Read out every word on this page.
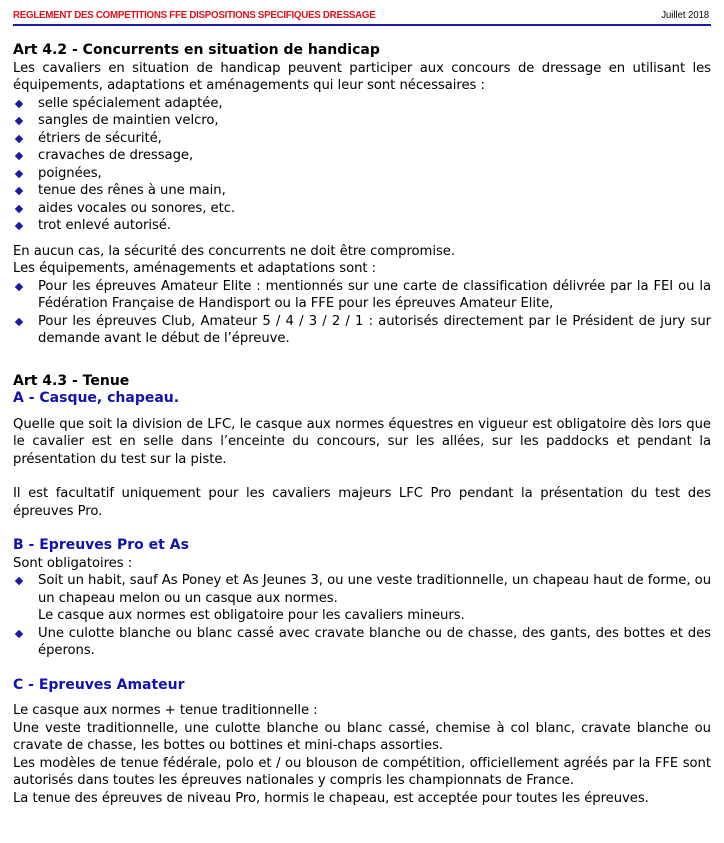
REGLEMENT DES COMPETITIONS FFE DISPOSITIONS SPECIFIQUES DRESSAGE	Juillet 2018
Art 4.2 - Concurrents en situation de handicap
Les cavaliers en situation de handicap peuvent participer aux concours de dressage en utilisant les équipements, adaptations et aménagements qui leur sont nécessaires :
selle spécialement adaptée,
sangles de maintien velcro,
étriers de sécurité,
cravaches de dressage,
poignées,
tenue des rênes à une main,
aides vocales ou sonores, etc.
trot enlevé autorisé.
En aucun cas, la sécurité des concurrents ne doit être compromise.
Les équipements, aménagements et adaptations sont :
Pour les épreuves Amateur Elite : mentionnés sur une carte de classification délivrée par la FEI ou la Fédération Française de Handisport ou la FFE pour les épreuves Amateur Elite,
Pour les épreuves Club, Amateur 5 / 4 / 3 / 2 / 1 : autorisés directement par le Président de jury sur demande avant le début de l’épreuve.
Art 4.3 - Tenue
A - Casque, chapeau.
Quelle que soit la division de LFC, le casque aux normes équestres en vigueur est obligatoire dès lors que le cavalier est en selle dans l’enceinte du concours, sur les allées, sur les paddocks et pendant la présentation du test sur la piste.
Il est facultatif uniquement pour les cavaliers majeurs LFC Pro pendant la présentation du test des épreuves Pro.
B - Epreuves Pro et As
Sont obligatoires :
Soit un habit, sauf As Poney et As Jeunes 3, ou une veste traditionnelle, un chapeau haut de forme, ou un chapeau melon ou un casque aux normes.
Le casque aux normes est obligatoire pour les cavaliers mineurs.
Une culotte blanche ou blanc cassé avec cravate blanche ou de chasse, des gants, des bottes et des éperons.
C - Epreuves Amateur
Le casque aux normes + tenue traditionnelle :
Une veste traditionnelle, une culotte blanche ou blanc cassé, chemise à col blanc, cravate blanche ou cravate de chasse, les bottes ou bottines et mini-chaps assorties.
Les modèles de tenue fédérale, polo et / ou blouson de compétition, officiellement agréés par la FFE sont autorisés dans toutes les épreuves nationales y compris les championnats de France.
La tenue des épreuves de niveau Pro, hormis le chapeau, est acceptée pour toutes les épreuves.
